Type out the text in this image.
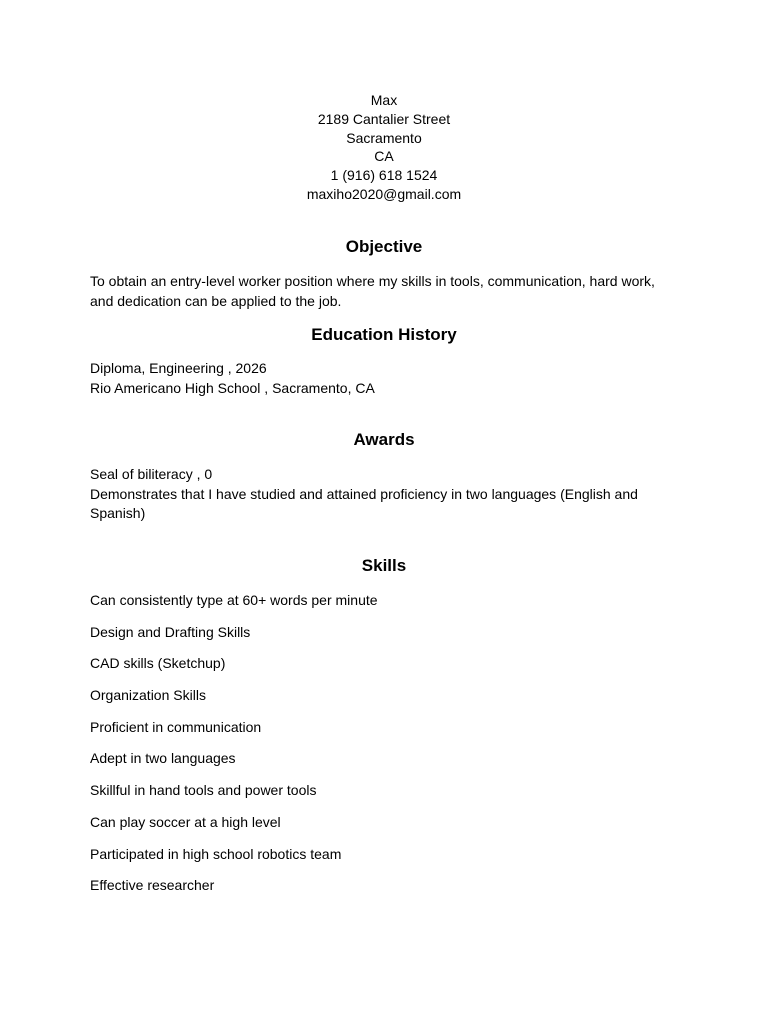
Max
2189 Cantalier Street
Sacramento
CA
1 (916) 618 1524
maxiho2020@gmail.com
Objective

To obtain an entry-level worker position where my skills in tools, communication, hard work, and dedication can be applied to the job.

Education History

Diploma, Engineering , 2026

Rio Americano High School , Sacramento, CA

Awards

Seal of biliteracy , 0

Demonstrates that I have studied and attained proficiency in two languages (English and Spanish)

Skills
Can consistently type at 60+ words per minute
Design and Drafting Skills
CAD skills (Sketchup)
Organization Skills
Proficient in communication
Adept in two languages
Skillful in hand tools and power tools
Can play soccer at a high level
Participated in high school robotics team
Effective researcher
